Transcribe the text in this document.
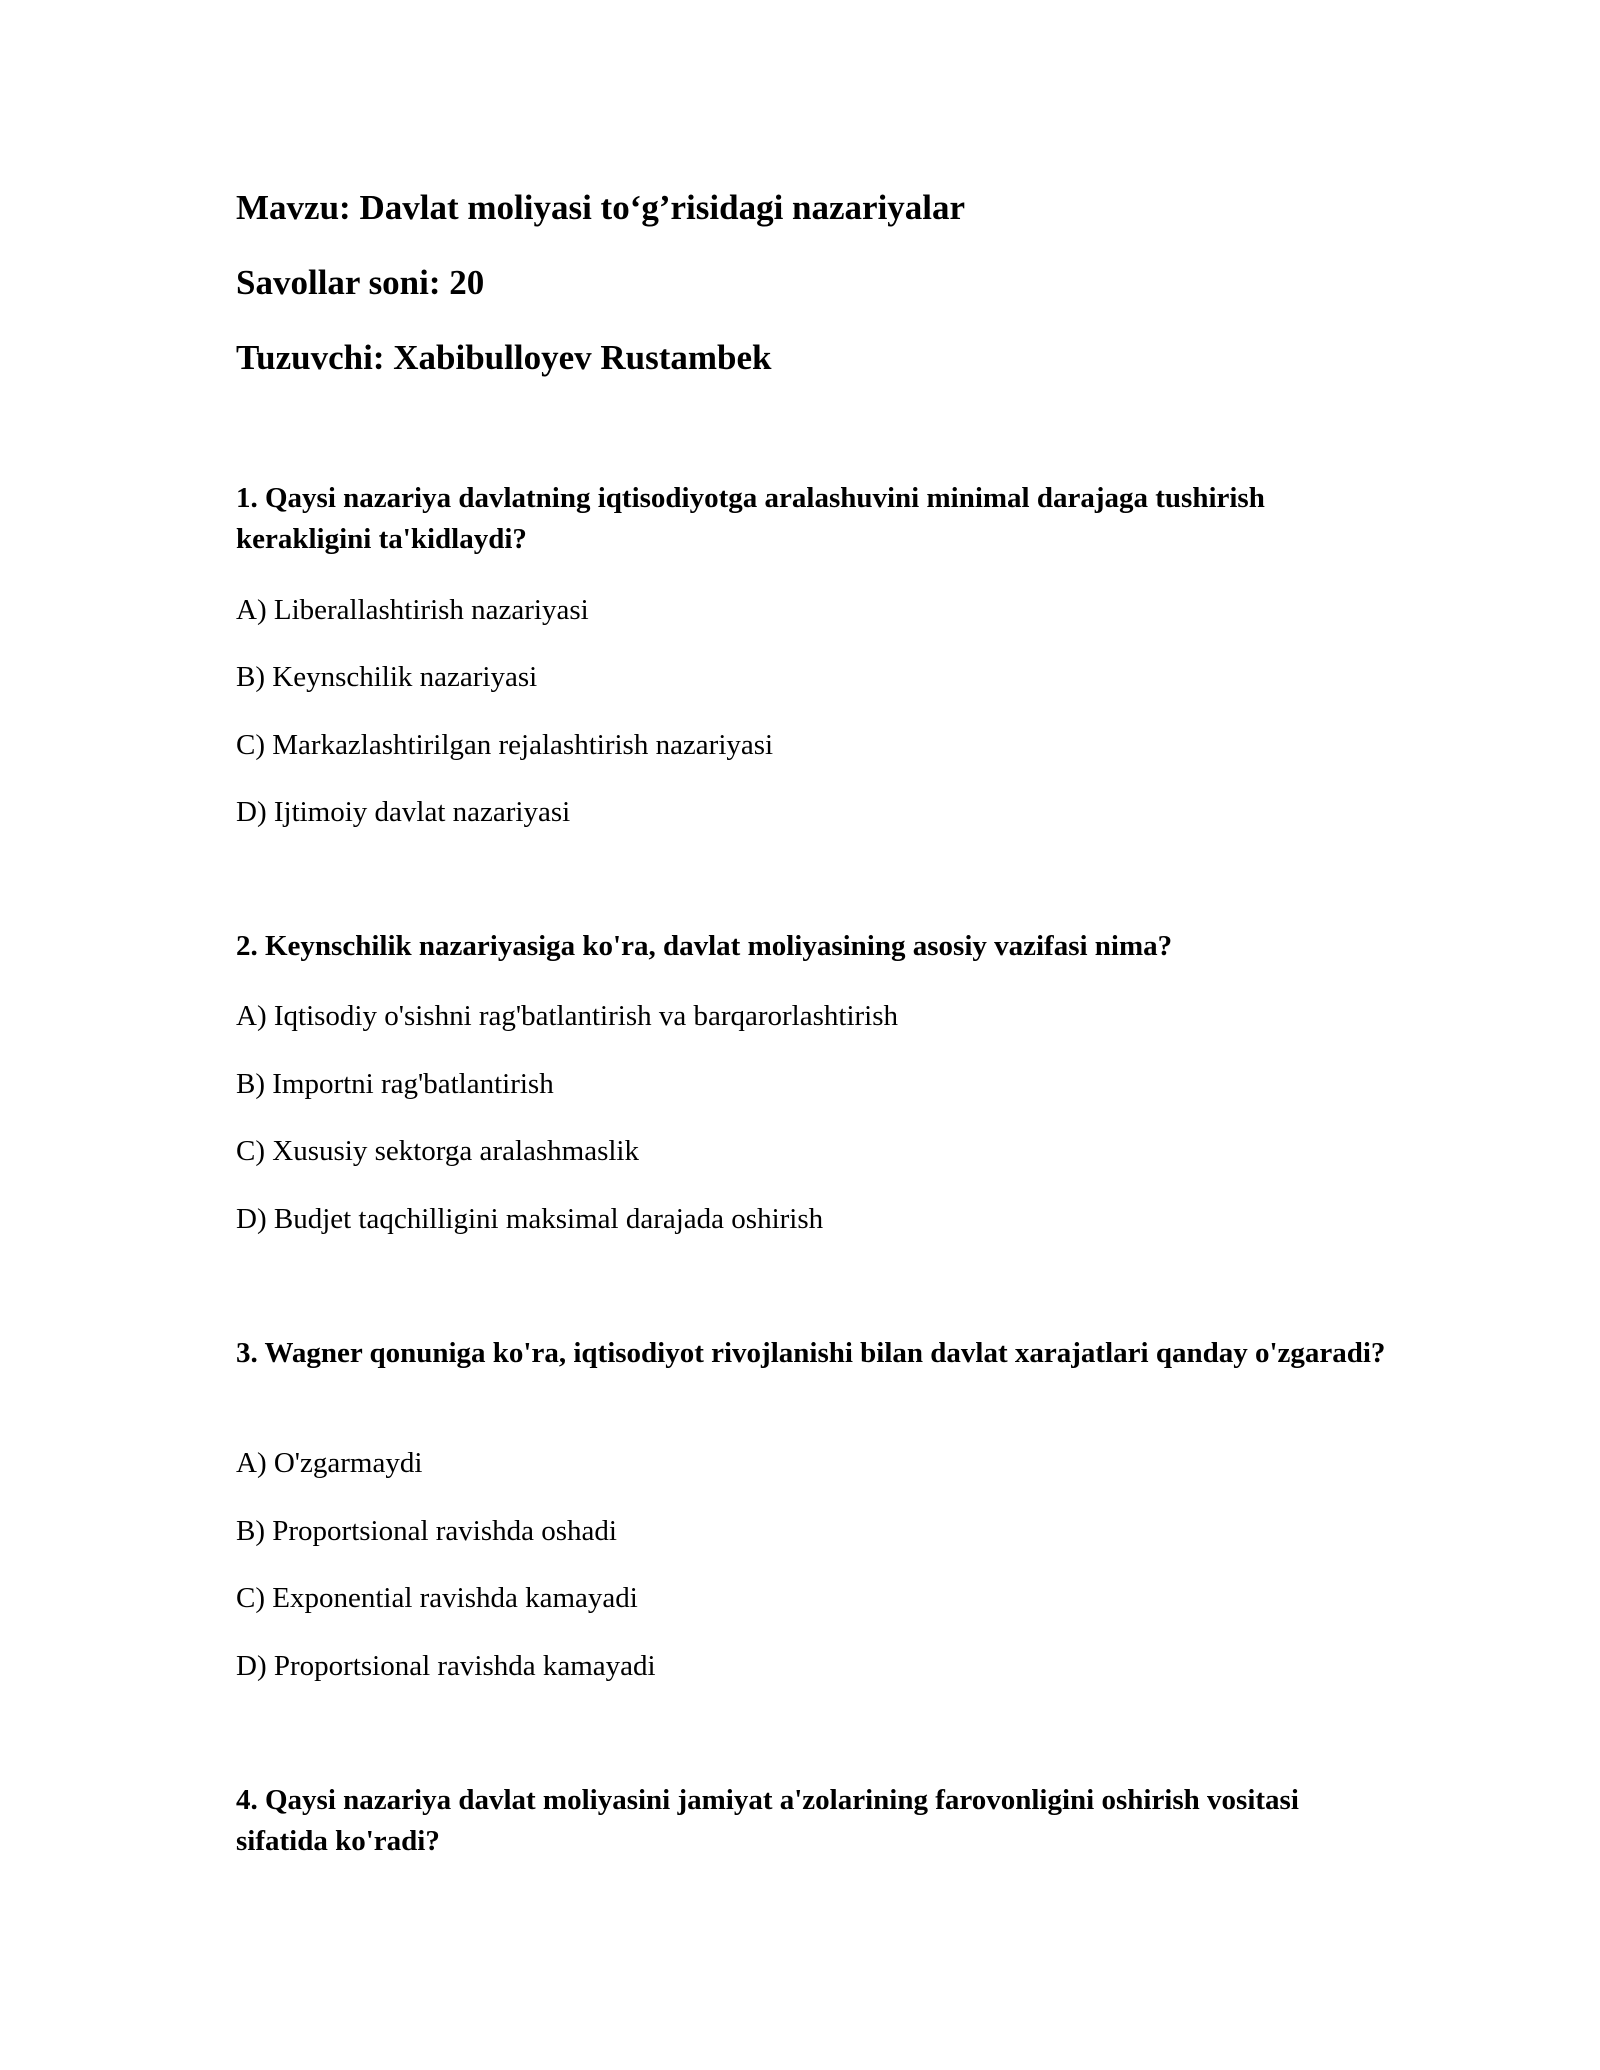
Mavzu: Davlat moliyasi to‘g’risidagi nazariyalar
Savollar soni: 20
Tuzuvchi: Xabibulloyev Rustambek
1. Qaysi nazariya davlatning iqtisodiyotga aralashuvini minimal darajaga tushirish kerakligini ta'kidlaydi?
A) Liberallashtirish nazariyasi
B) Keynschilik nazariyasi
C) Markazlashtirilgan rejalashtirish nazariyasi
D) Ijtimoiy davlat nazariyasi
2. Keynschilik nazariyasiga ko'ra, davlat moliyasining asosiy vazifasi nima?
A) Iqtisodiy o'sishni rag'batlantirish va barqarorlashtirish
B) Importni rag'batlantirish
C) Xususiy sektorga aralashmaslik
D) Budjet taqchilligini maksimal darajada oshirish
3. Wagner qonuniga ko'ra, iqtisodiyot rivojlanishi bilan davlat xarajatlari qanday o'zgaradi?
A) O'zgarmaydi
B) Proportsional ravishda oshadi
C) Exponential ravishda kamayadi
D) Proportsional ravishda kamayadi
4. Qaysi nazariya davlat moliyasini jamiyat a'zolarining farovonligini oshirish vositasi sifatida ko'radi?
